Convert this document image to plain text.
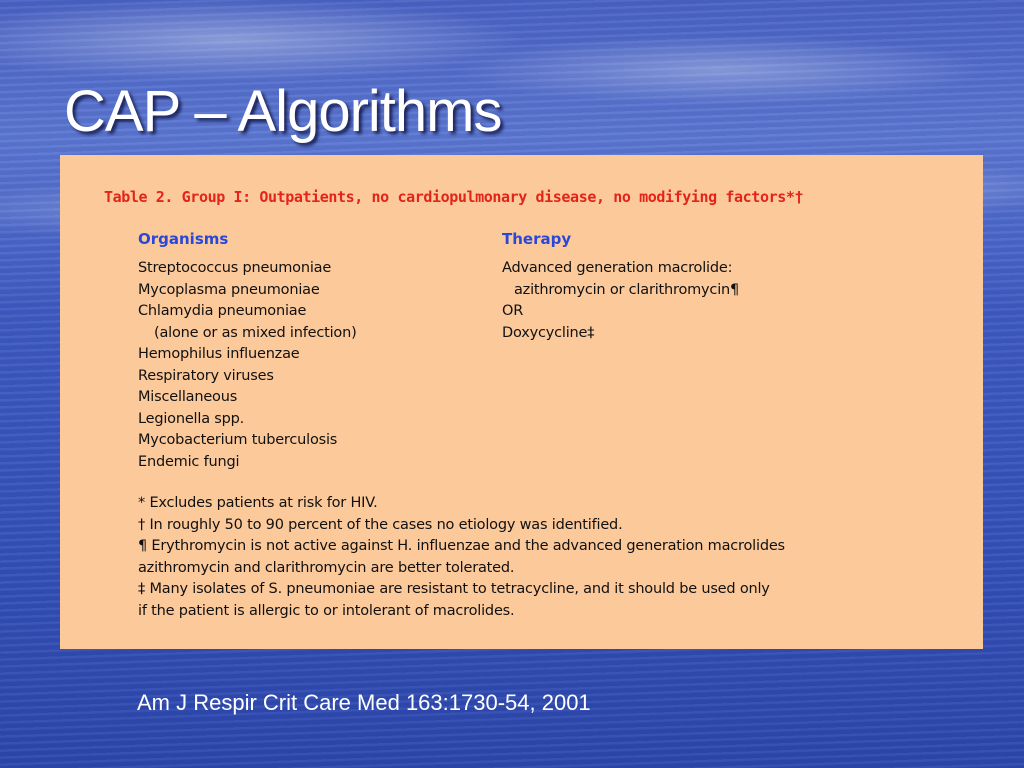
CAP – Algorithms
Table 2. Group I: Outpatients, no cardiopulmonary disease, no modifying factors*†
Organisms
Streptococcus pneumoniae
Mycoplasma pneumoniae
Chlamydia pneumoniae
(alone or as mixed infection)
Hemophilus influenzae
Respiratory viruses
Miscellaneous
Legionella spp.
Mycobacterium tuberculosis
Endemic fungi
Therapy
Advanced generation macrolide:
azithromycin or clarithromycin¶
OR
Doxycycline‡
* Excludes patients at risk for HIV.
† In roughly 50 to 90 percent of the cases no etiology was identified.
¶ Erythromycin is not active against H. influenzae and the advanced generation macrolides
azithromycin and clarithromycin are better tolerated.
‡ Many isolates of S. pneumoniae are resistant to tetracycline, and it should be used only
if the patient is allergic to or intolerant of macrolides.
Am J Respir Crit Care Med 163:1730-54, 2001
